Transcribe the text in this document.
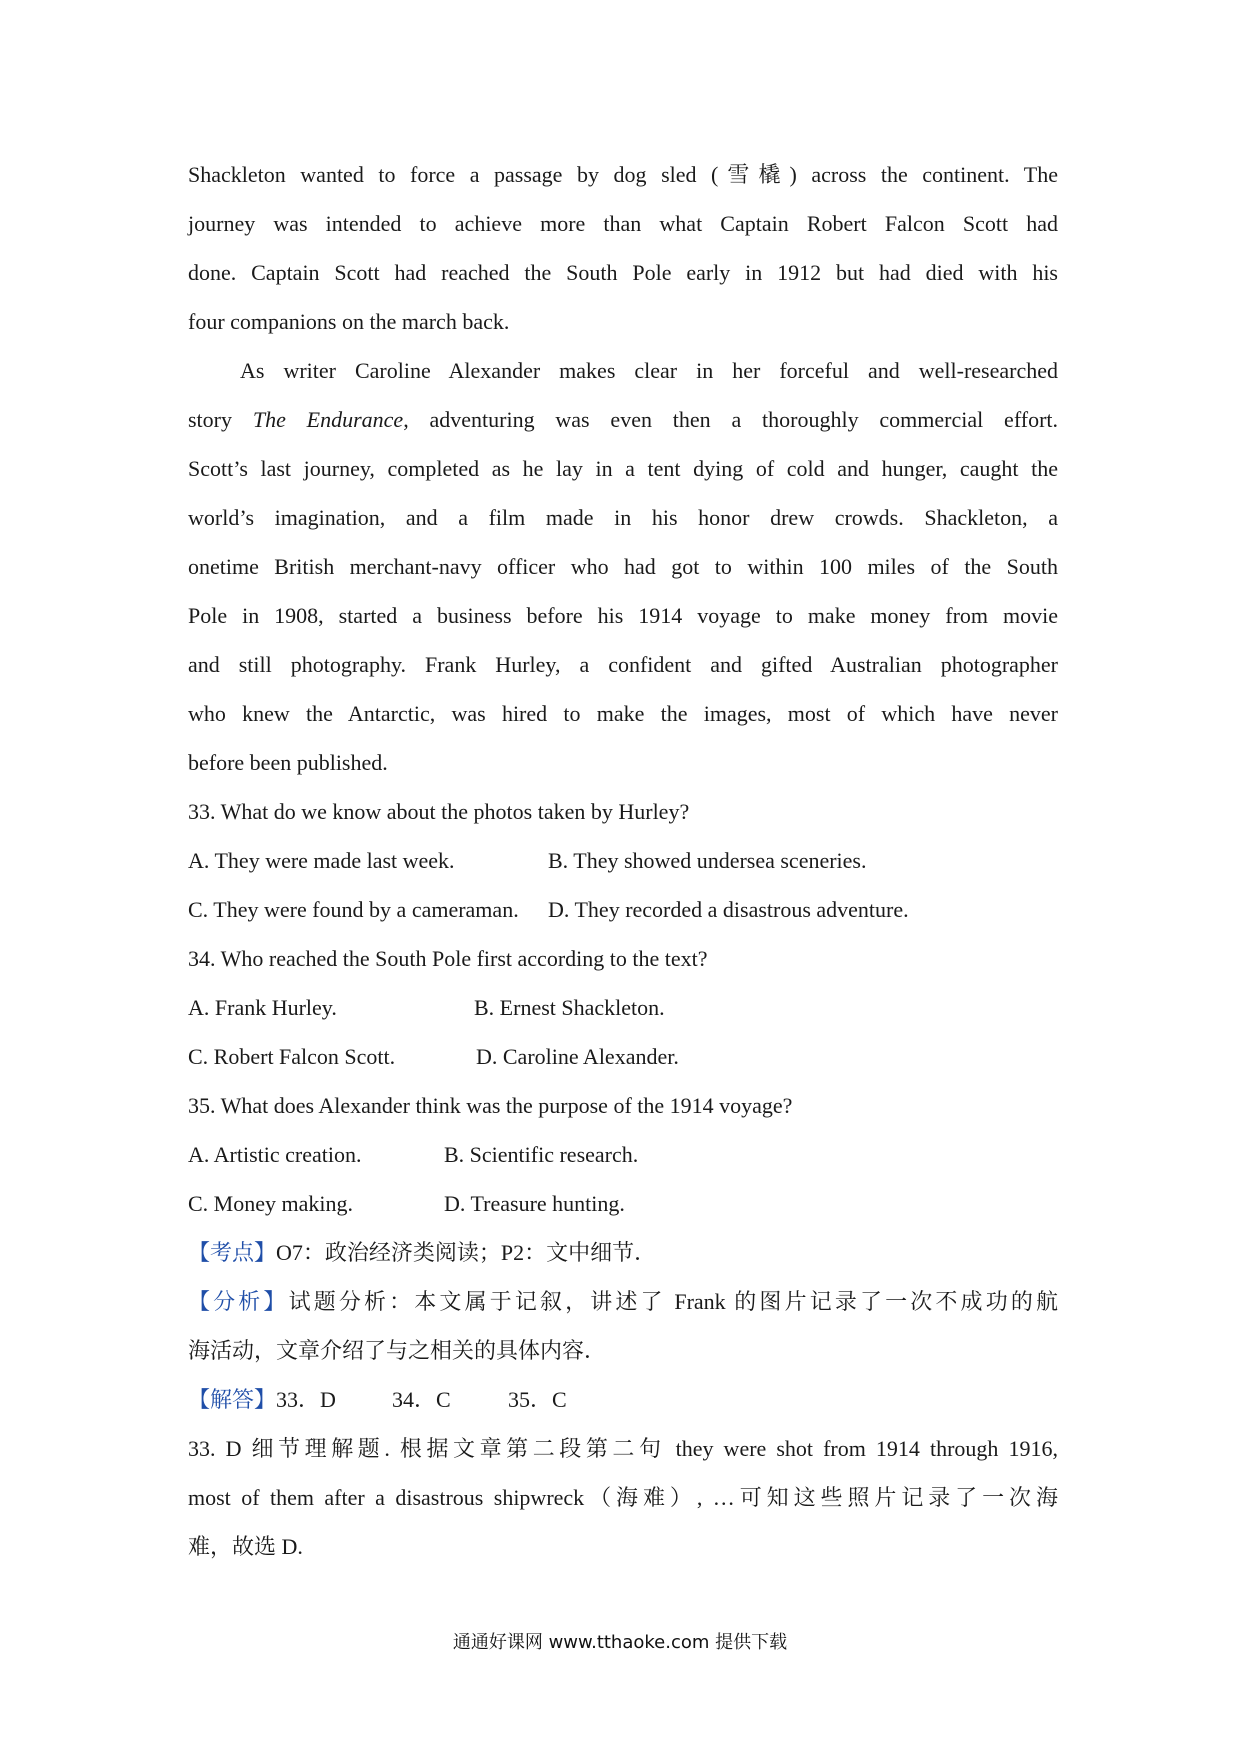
Shackleton wanted to force a passage by dog sled (雪橇) across the continent. The
journey was intended to achieve more than what Captain Robert Falcon Scott had
done. Captain Scott had reached the South Pole early in 1912 but had died with his
four companions on the march back.
As writer Caroline Alexander makes clear in her forceful and well-researched
story The Endurance, adventuring was even then a thoroughly commercial effort.
Scott’s last journey, completed as he lay in a tent dying of cold and hunger, caught the
world’s imagination, and a film made in his honor drew crowds. Shackleton, a
onetime British merchant-navy officer who had got to within 100 miles of the South
Pole in 1908, started a business before his 1914 voyage to make money from movie
and still photography. Frank Hurley, a confident and gifted Australian photographer
who knew the Antarctic, was hired to make the images, most of which have never
before been published.
33. What do we know about the photos taken by Hurley?
A. They were made last week.	B. They showed undersea sceneries.
C. They were found by a cameraman.	D. They recorded a disastrous adventure.
34. Who reached the South Pole first according to the text?
A. Frank Hurley.	B. Ernest Shackleton.
C. Robert Falcon Scott.	D. Caroline Alexander.
35. What does Alexander think was the purpose of the 1914 voyage?
A. Artistic creation.	B. Scientific research.
C. Money making.	D. Treasure hunting.
【考点】O7：政治经济类阅读；P2：文中细节．
【分析】试题分析：本文属于记叙，讲述了 Frank 的图片记录了一次不成功的航
海活动，文章介绍了与之相关的具体内容．
【解答】33．D	34．C	35．C
33. D 细节理解题. 根据文章第二段第二句 they were shot from 1914 through 1916,
most of them after a disastrous shipwreck（海难）, …可知这些照片记录了一次海
难，故选 D.
通通好课网 www.tthaoke.com 提供下载
